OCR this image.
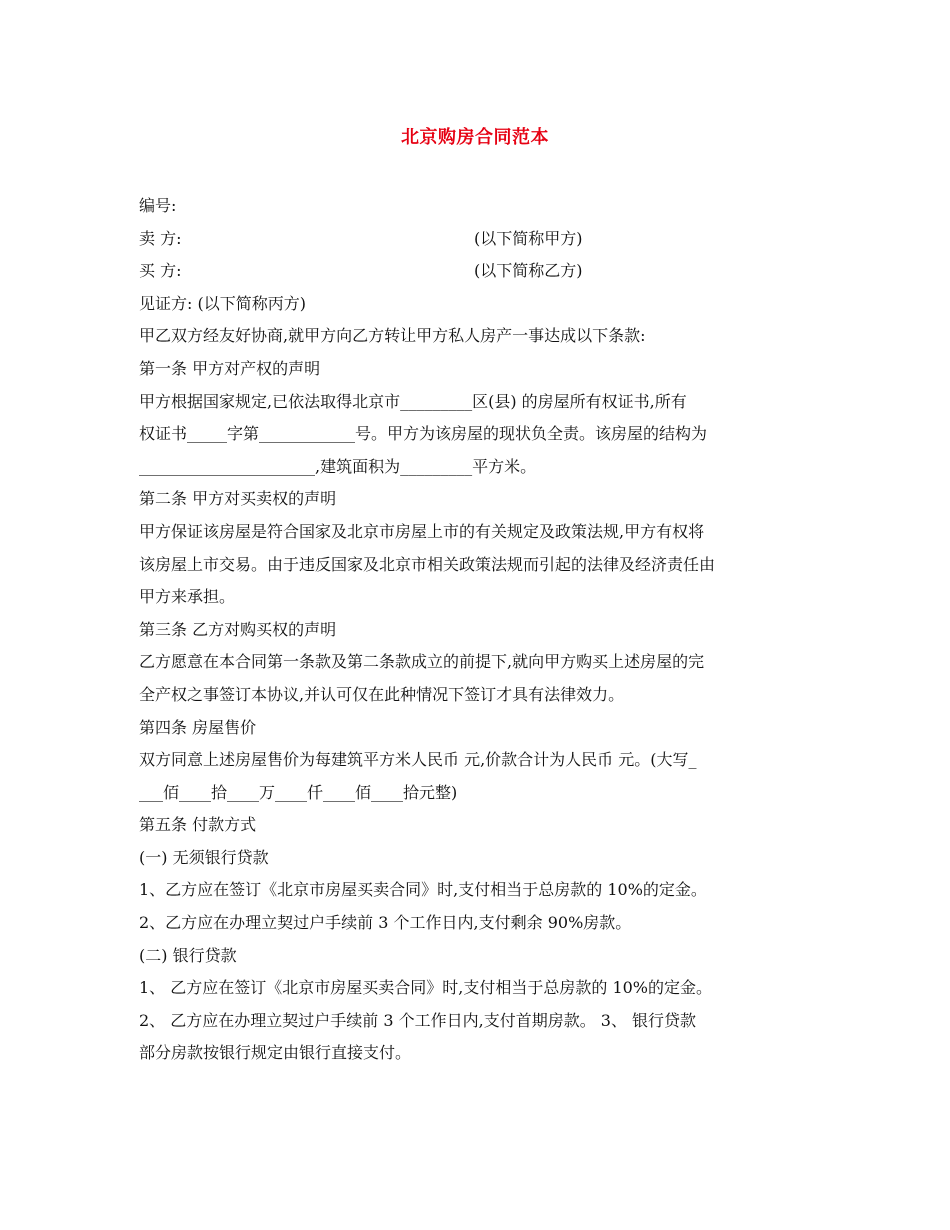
北京购房合同范本
编号:
卖 方:	(以下简称甲方)
买 方:	(以下简称乙方)
见证方: (以下简称丙方)
甲乙双方经友好协商,就甲方向乙方转让甲方私人房产一事达成以下条款:
第一条 甲方对产权的声明
甲方根据国家规定,已依法取得北京市_________区(县) 的房屋所有权证书,所有
权证书_____字第____________号。甲方为该房屋的现状负全责。该房屋的结构为
______________________,建筑面积为_________平方米。
第二条 甲方对买卖权的声明
甲方保证该房屋是符合国家及北京市房屋上市的有关规定及政策法规,甲方有权将
该房屋上市交易。由于违反国家及北京市相关政策法规而引起的法律及经济责任由
甲方来承担。
第三条 乙方对购买权的声明
乙方愿意在本合同第一条款及第二条款成立的前提下,就向甲方购买上述房屋的完
全产权之事签订本协议,并认可仅在此种情况下签订才具有法律效力。
第四条 房屋售价
双方同意上述房屋售价为每建筑平方米人民币 元,价款合计为人民币 元。(大写_
___佰____拾____万____仟____佰____拾元整)
第五条 付款方式
(一) 无须银行贷款
1、乙方应在签订《北京市房屋买卖合同》时,支付相当于总房款的 10%的定金。
2、乙方应在办理立契过户手续前 3 个工作日内,支付剩余 90%房款。
(二) 银行贷款
1、 乙方应在签订《北京市房屋买卖合同》时,支付相当于总房款的 10%的定金。
2、 乙方应在办理立契过户手续前 3 个工作日内,支付首期房款。 3、 银行贷款
部分房款按银行规定由银行直接支付。
